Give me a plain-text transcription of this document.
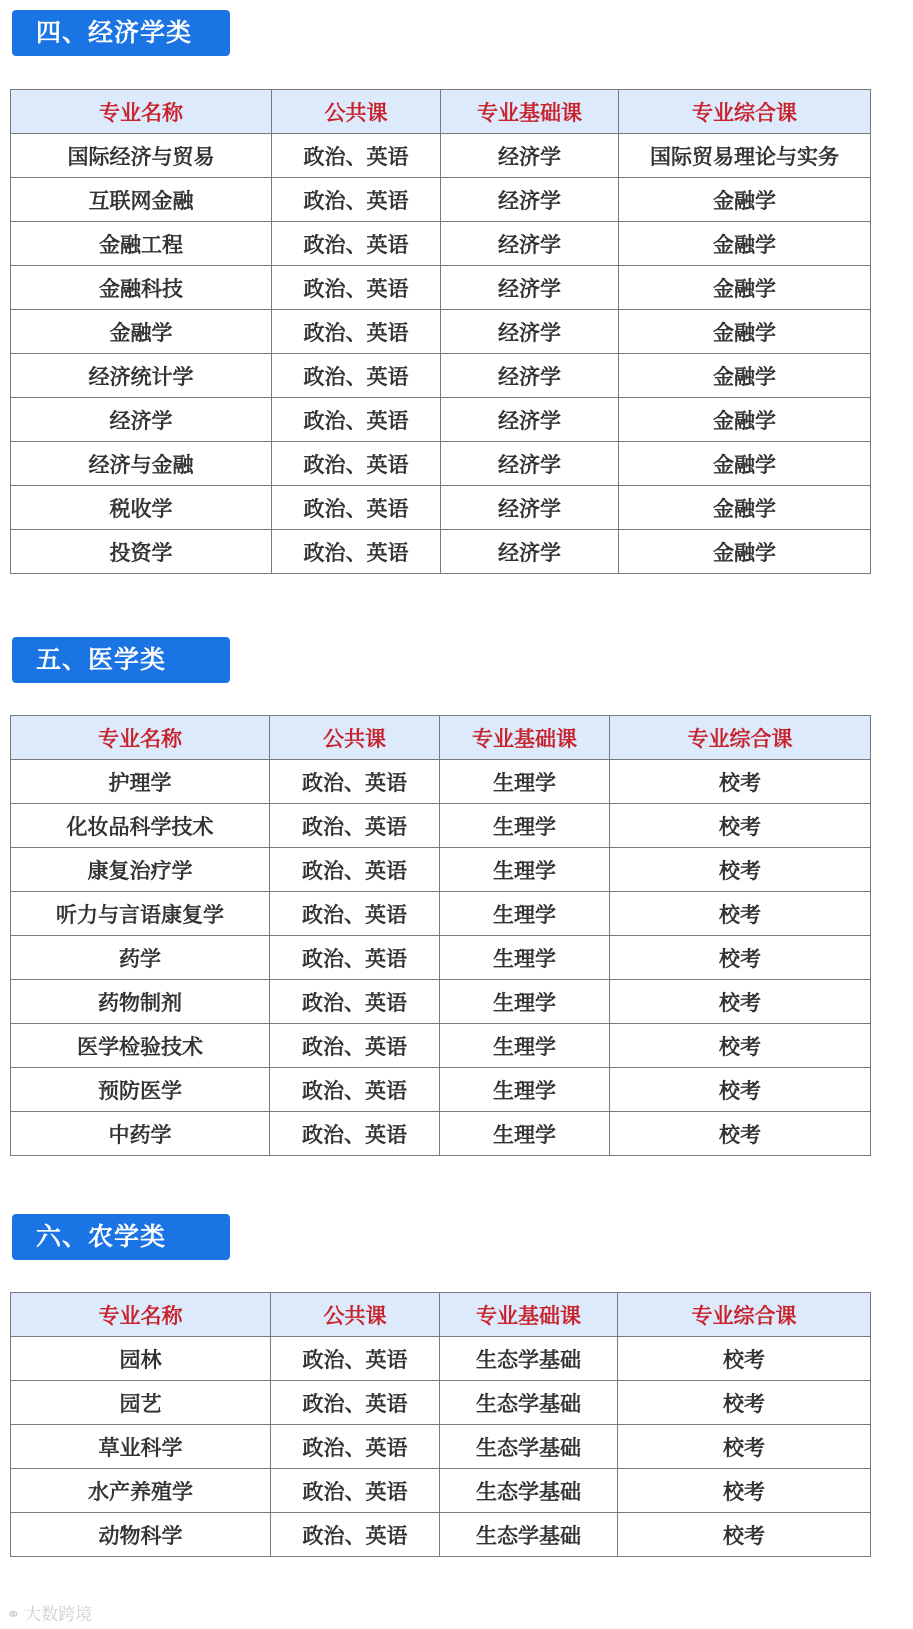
四、经济学类
专业名称	公共课	专业基础课	专业综合课
国际经济与贸易	政治、英语	经济学	国际贸易理论与实务
互联网金融	政治、英语	经济学	金融学
金融工程	政治、英语	经济学	金融学
金融科技	政治、英语	经济学	金融学
金融学	政治、英语	经济学	金融学
经济统计学	政治、英语	经济学	金融学
经济学	政治、英语	经济学	金融学
经济与金融	政治、英语	经济学	金融学
税收学	政治、英语	经济学	金融学
投资学	政治、英语	经济学	金融学
五、医学类
专业名称	公共课	专业基础课	专业综合课
护理学	政治、英语	生理学	校考
化妆品科学技术	政治、英语	生理学	校考
康复治疗学	政治、英语	生理学	校考
听力与言语康复学	政治、英语	生理学	校考
药学	政治、英语	生理学	校考
药物制剂	政治、英语	生理学	校考
医学检验技术	政治、英语	生理学	校考
预防医学	政治、英语	生理学	校考
中药学	政治、英语	生理学	校考
六、农学类
专业名称	公共课	专业基础课	专业综合课
园林	政治、英语	生态学基础	校考
园艺	政治、英语	生态学基础	校考
草业科学	政治、英语	生态学基础	校考
水产养殖学	政治、英语	生态学基础	校考
动物科学	政治、英语	生态学基础	校考
⚭ 大数跨境
